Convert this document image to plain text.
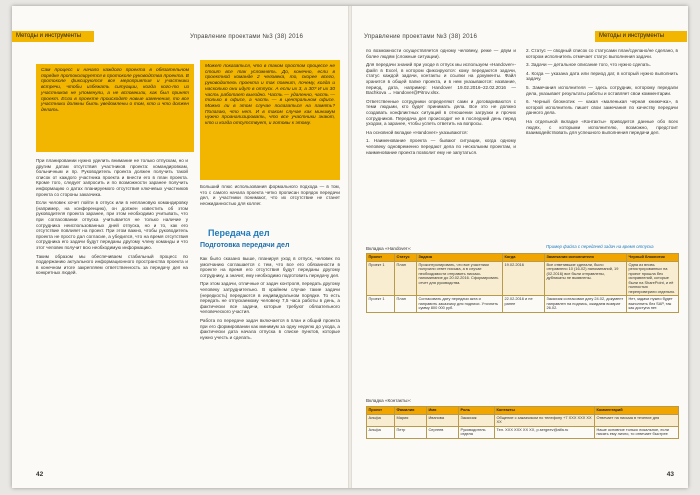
Методы и инструменты	Управление проектами №3 (38) 2016
Сам процесс и начало каждого проекта в обязательном порядке протоколируется в протоколе руководства проекта. В протоколе фиксируются все мероприятия и участники встречи, чтобы избежать ситуации, когда кого-то из участников не упомянули, а не вспомнили, как был принят проект. Если в проекте происходят новые изменения, то все участники должны быть уведомлены о том, кто и что должен делать.
Может показаться, что в таком простом процессе не стоит все так усложнять. До, конечно, если в проектной команде 2 человека, то, скорее всего, руководитель проекта и так помнит, почему, когда и насколько они идут в отпуск. А если их 3, а 30? И их 30 часть работает выездно. Часть — удаленно, часть — только в офисе, а часть — в центральном офисе. Можно ли в этом случае полагаться на память? Полагаю, что нет. И в таком случае как минимум нужно проанализировать, что все участники знают, кто и когда отсутствует, и готовы к этому.

При планировании нужно уделить внимание не только отпускам, но и другим датам отсутствия участников проекта: командировкам, больничным и пр. Руководитель проекта должен получить такой список от каждого участника проекта и внести его в план проекта. Кроме того, следует запросить и по возможности заранее получить информацию о датах планируемого отсутствия ключевых участников проекта со стороны заказчика.

Если человек хочет пойти в отпуск или в неплановую командировку (например, на конференцию), он должен известить об этом руководителя проекта заранее, при этом необходимо учитывать, что при согласовании отпуска учитывается не только наличие у сотрудника неиспользованных дней отпуска, но и то, как его отсутствие повлияет на проект. При этом важно, чтобы руководитель проекта не просто дал согласие, а убедился, что на время отсутствия сотрудника его задачи будут переданы другому члену команды и что этот человек получит всю необходимую информацию.

Таким образом мы обеспечиваем стабильный процесс по поддержанию актуального информационного пространства проекта и в конечном итоге закрепляем ответственность за передачу дел на конкретных людей.

Больший плюс использования формального подхода — в том, что с самого начала проекта четко прописан порядок передачи дел, и участники понимают, что их отсутствие не станет неожиданностью для коллег.
Передача дел
Подготовка передачи дел

Как было сказано выше, планируя уход в отпуск, человек по умолчанию соглашается с тем, что все его обязанности в проекте на время его отсутствия будут переданы другому сотруднику, а значит, ему необходимо подготовить передачу дел.

При этом задачи, отличные от задач контроля, передать другому человеку затруднительно. В крайнем случае такие задачи (нередкость) передаются в индивидуальном порядке. То есть передать не отпускаемому человеку 7,5 часа работы в день, а фактически все задачи, которые требуют обязательного человеческого участия.

Работа по передаче задач включается в план и общий проекта при его формировании как минимум за одну неделю до ухода, а фактически дата начала отпуска в списке пунктов, которые нужно учесть и сделать.

42
Управление проектами №3 (38) 2016	Методы и инструменты

по возможности осуществляется одному человеку, реже — двум и более людям (сложные ситуации).

Для передачи знаний при уходе в отпуск мы используем «Handover»-файл в Excel, в котором фиксируются: кому передаются задачи, статус каждой задачи, контакты и ссылки на документы. Файл хранится в общей папке проекта, и в нем указываются: название, период, дата, например: Handover 19.02.2016–22.02.2016 — Bachkova → Handover@Pitrov.xlsx.

Ответственные сотрудники определяют сами и договариваются с теми людьми, кто будет принимать дела. Все это не должно создавать конфликтных ситуаций в отношении загрузки и прочих сотрудников. Передача дел происходит не в последний день перед уходом, а заранее, чтобы успеть ответить на вопросы.

На основной вкладке «Handover» указываются:

1. Наименование проекта — бывают ситуации, когда одному человеку одновременно передают дела по нескольким проектам, и наименование проекта позволит ему не запутаться.

2. Статус — сводный список со статусами план/сделано/не сделано, в котором исполнитель отмечает статус выполнения задачи.

3. Задачи — детальное описание того, что нужно сделать.

4. Когда — указана дата или период дат, в который нужно выполнить задачу.

5. Замечания исполнителя — здесь сотрудник, которому передали дела, указывает результаты работы и оставляет свои комментарии.

6. Черный блокнотик — какая «маленькая черная книжечка», в которой исполнитель пишет свои замечания по качеству передачи данного дела.

На отдельной вкладке «Контакты» приводится данные обо всех людях, с которыми исполнителю, возможно, предстоит взаимодействовать для успешного выполнения передачи дел.

Пример файла с передачей задач на время отпуска
Вкладка «Handover»:
Проект	Статус	Задача	Когда	Замечания исполнителя	Черный блокнотик
Проект 1	План	Проконтролировать, что все участники получили ответ письма, а в случае необходимости отправить письмо-напоминание до 20.02.2016. Сформировать отчет для руководства.	19.02.2016	Все ответившие сделали, было отправлено 10 (16-02) напоминаний, 19 (02.2016) все были отправлены, дубликаты не выявлены.	Одна из вновь регистрированных на проект прошла без исправлений, которые были на SharePoint, и её полностью перепроверили отдельно.
Проект 1	План	Согласовать дату передачи акта и направить заказчику для подписи. Уточнить сумму 800 000 руб.	22.02.2016 и не ранее	Заказчик согласовал дату 24.02, документ направлен на подпись, ожидаем возврат 26.02.	Нет, задачи нужно будет выполнить без SAP, так как доступа нет.
Вкладка «Контакты»:
Проект	Фамилия	Имя	Роль	Контакты	Комментарий
Альфа	Мария	Иванова	Заказчик	Общение с заказчиком по телефону +7 XXX XXX XX XX	Отвечает на письма в течение дня
Альфа	Петр	Сергеев	Руководитель отдела	Тел. XXX XXX XX XX, p.sergeev@alfa.ru	Наше основное только локальное, если писать ему лично, то отвечает быстрее
43
